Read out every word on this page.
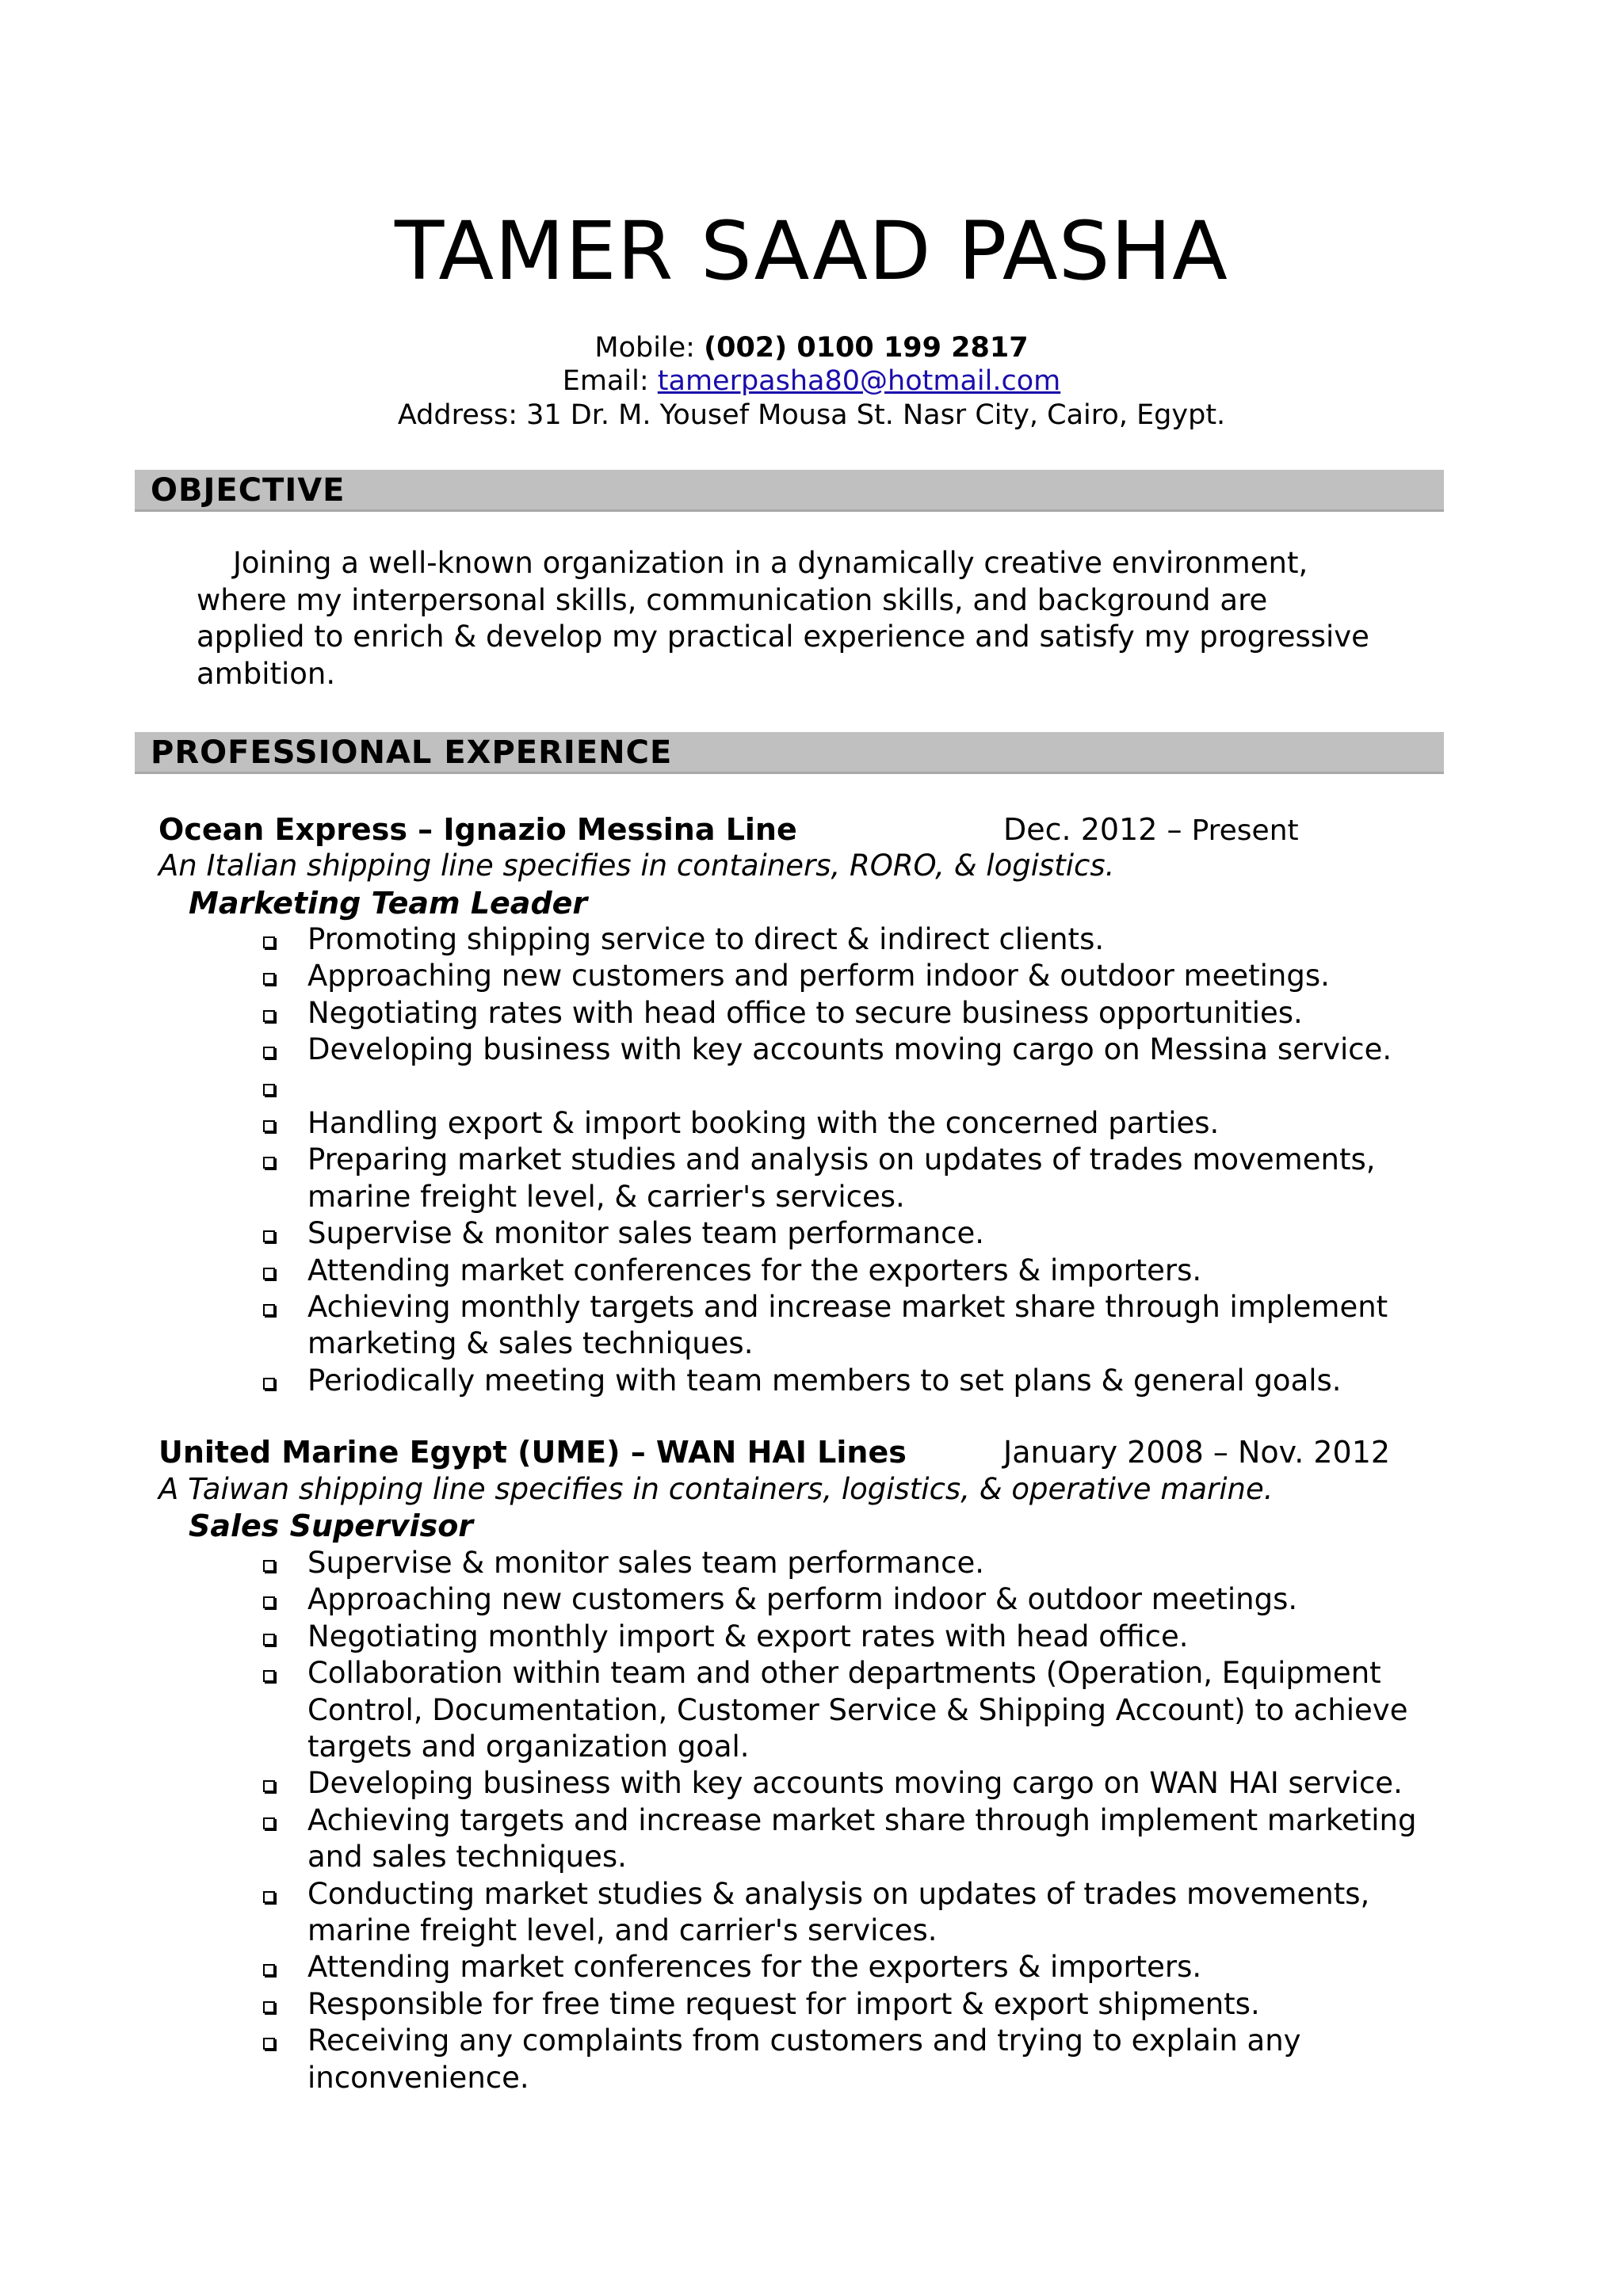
TAMER SAAD PASHA
Mobile: (002) 0100 199 2817
Email: tamerpasha80@hotmail.com
Address: 31 Dr. M. Yousef Mousa St. Nasr City, Cairo, Egypt.
OBJECTIVE
Joining a well-known organization in a dynamically creative environment,
where my interpersonal skills, communication skills, and background are
applied to enrich & develop my practical experience and satisfy my progressive
ambition.
PROFESSIONAL EXPERIENCE
Ocean Express – Ignazio Messina Line	Dec. 2012 – Present
An Italian shipping line specifies in containers, RORO, & logistics.
Marketing Team Leader
Promoting shipping service to direct & indirect clients.
Approaching new customers and perform indoor & outdoor meetings.
Negotiating rates with head office to secure business opportunities.
Developing business with key accounts moving cargo on Messina service.
Handling export & import booking with the concerned parties.
Preparing market studies and analysis on updates of trades movements,
marine freight level, & carrier's services.
Supervise & monitor sales team performance.
Attending market conferences for the exporters & importers.
Achieving monthly targets and increase market share through implement
marketing & sales techniques.
Periodically meeting with team members to set plans & general goals.
United Marine Egypt (UME) – WAN HAI Lines	January 2008 – Nov. 2012
A Taiwan shipping line specifies in containers, logistics, & operative marine.
Sales Supervisor
Supervise & monitor sales team performance.
Approaching new customers & perform indoor & outdoor meetings.
Negotiating monthly import & export rates with head office.
Collaboration within team and other departments (Operation, Equipment
Control, Documentation, Customer Service & Shipping Account) to achieve
targets and organization goal.
Developing business with key accounts moving cargo on WAN HAI service.
Achieving targets and increase market share through implement marketing
and sales techniques.
Conducting market studies & analysis on updates of trades movements,
marine freight level, and carrier's services.
Attending market conferences for the exporters & importers.
Responsible for free time request for import & export shipments.
Receiving any complaints from customers and trying to explain any
inconvenience.
